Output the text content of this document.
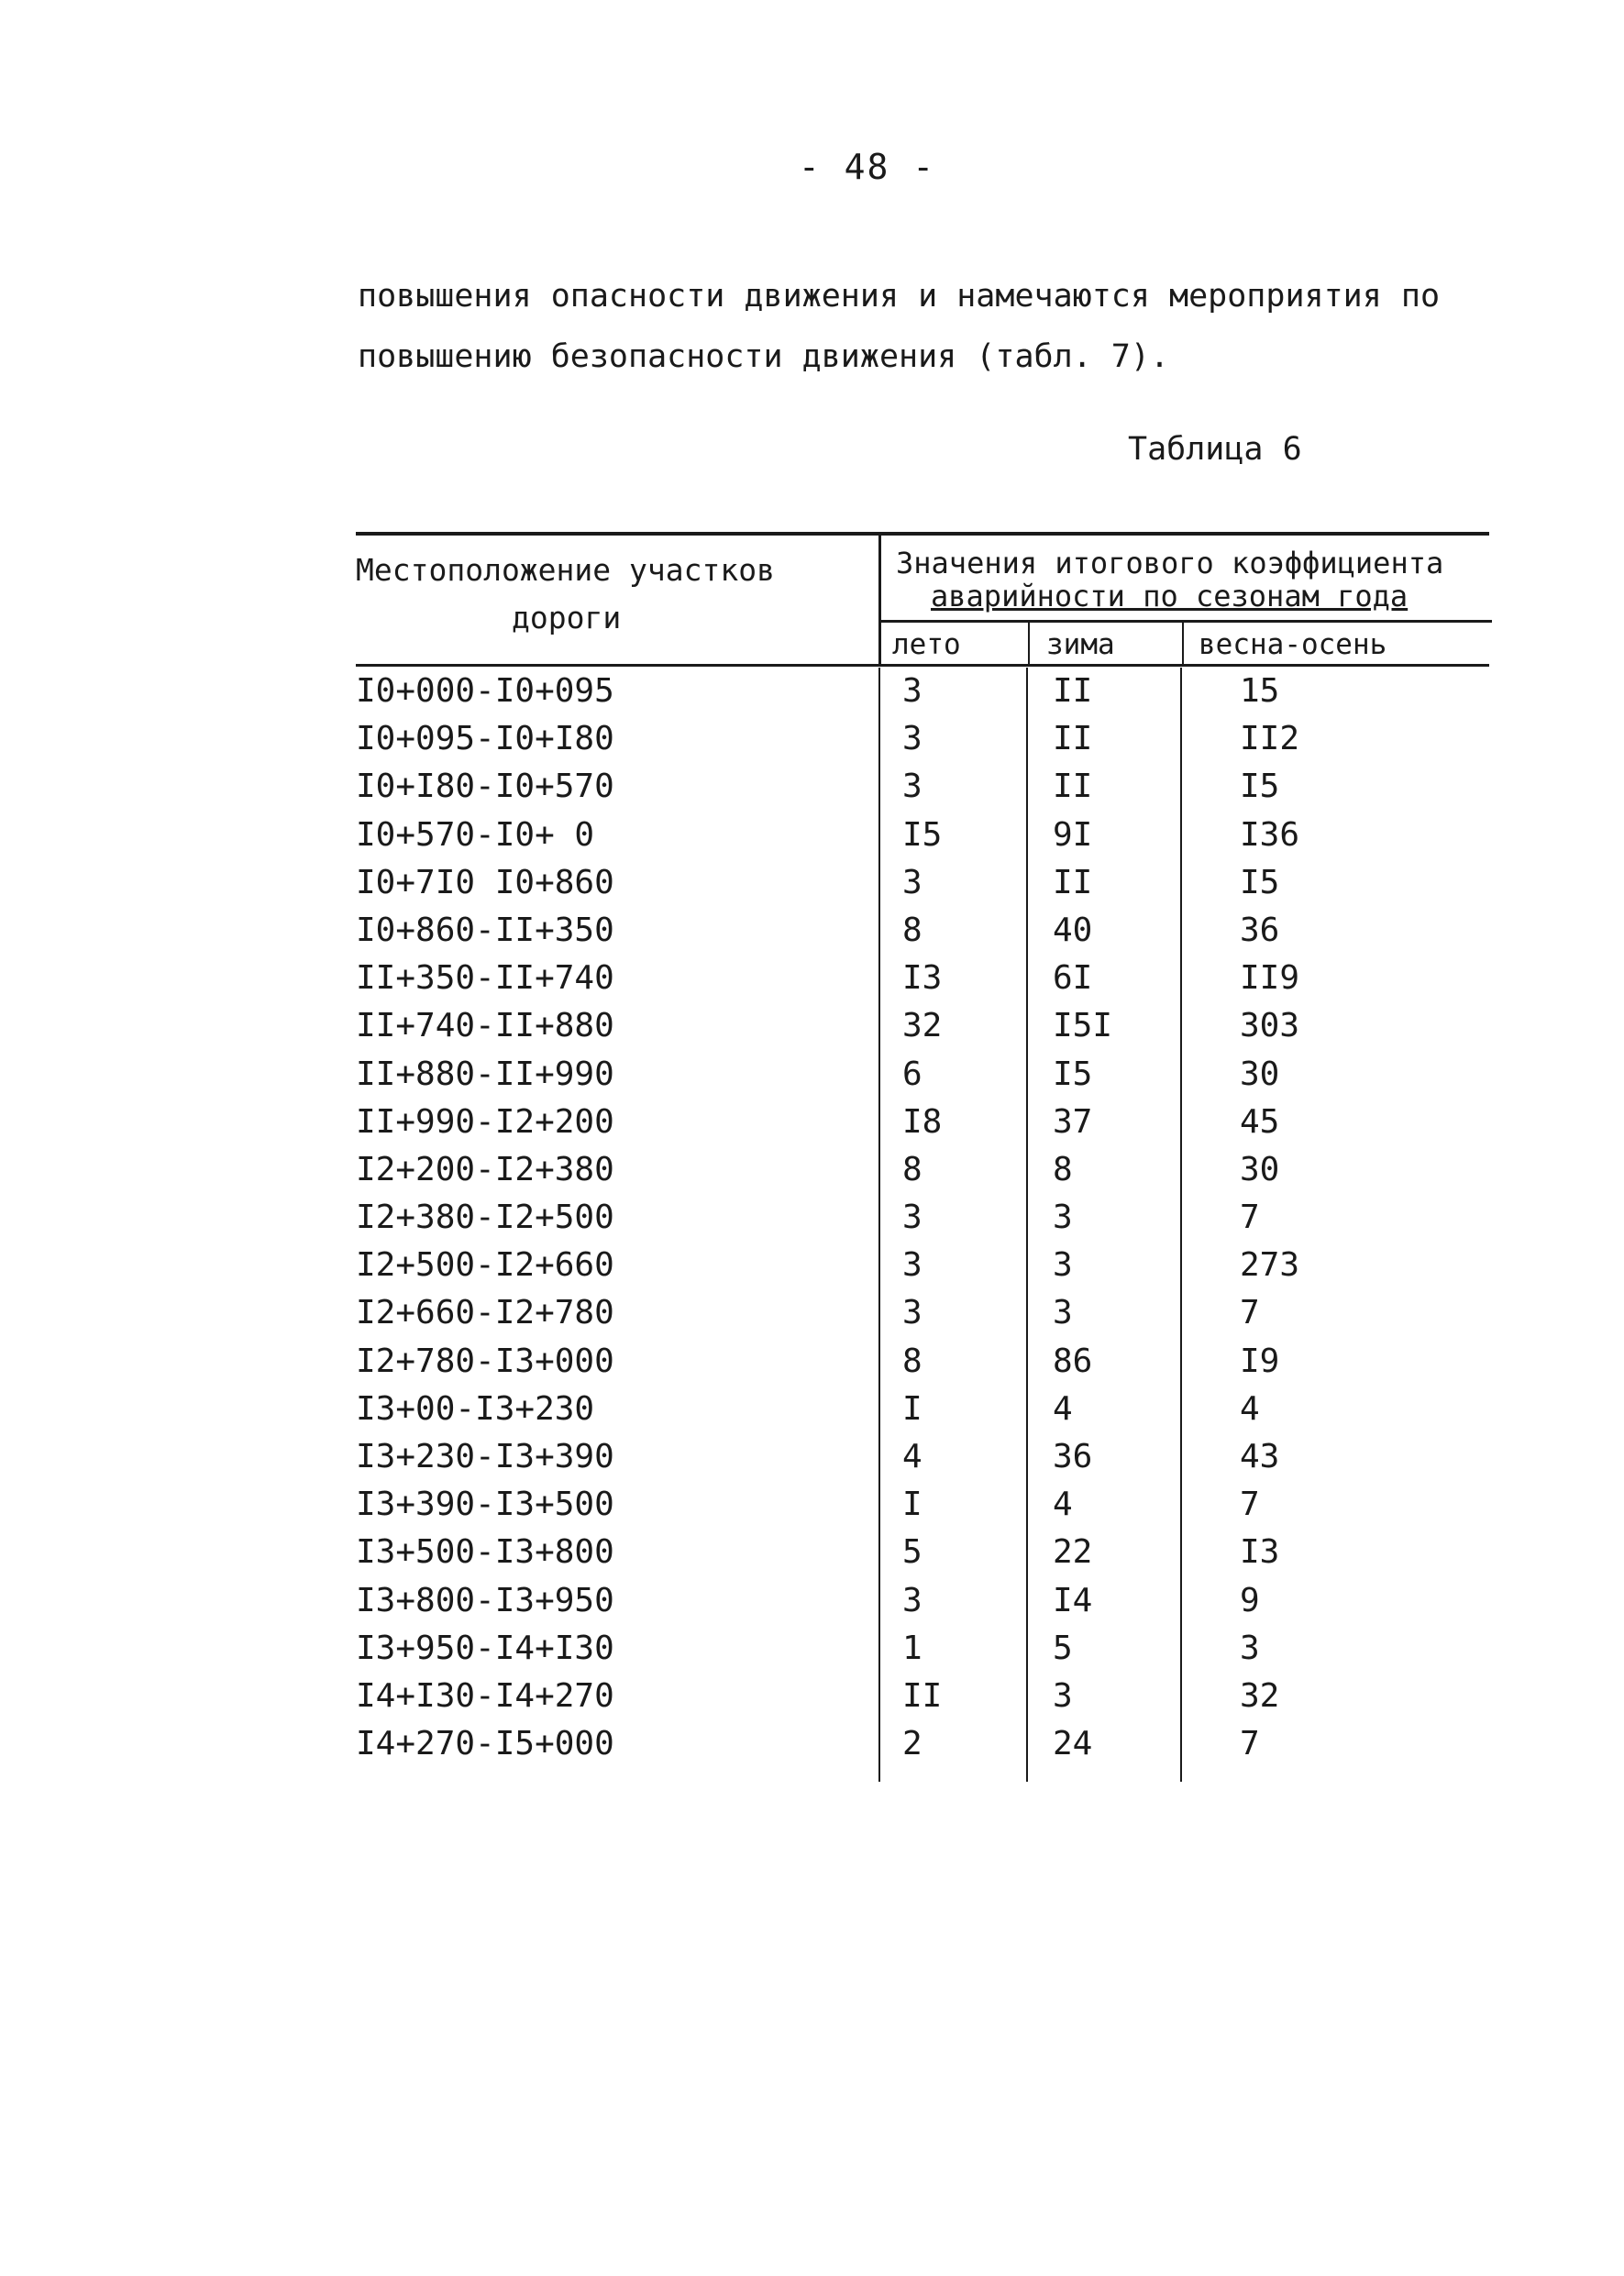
- 48 -

повышения опасности движения и намечаются мероприятия по

повышению безопасности движения (табл. 7).

Таблица 6
Местоположение участков
дороги
Значения итогового коэффициента
аварийности по сезонам года
лето	зима	весна-осень
I0+000-I0+095	3	II	15
I0+095-I0+I80	3	II	II2
I0+I80-I0+570	3	II	I5
I0+570-I0+ 0	I5	9I	I36
I0+7I0 I0+860	3	II	I5
I0+860-II+350	8	40	36
II+350-II+740	I3	6I	II9
II+740-II+880	32	I5I	303
II+880-II+990	6	I5	30
II+990-I2+200	I8	37	45
I2+200-I2+380	8	8	30
I2+380-I2+500	3	3	7
I2+500-I2+660	3	3	273
I2+660-I2+780	3	3	7
I2+780-I3+000	8	86	I9
I3+00-I3+230	I	4	4
I3+230-I3+390	4	36	43
I3+390-I3+500	I	4	7
I3+500-I3+800	5	22	I3
I3+800-I3+950	3	I4	9
I3+950-I4+I30	1	5	3
I4+I30-I4+270	II	3	32
I4+270-I5+000	2	24	7
